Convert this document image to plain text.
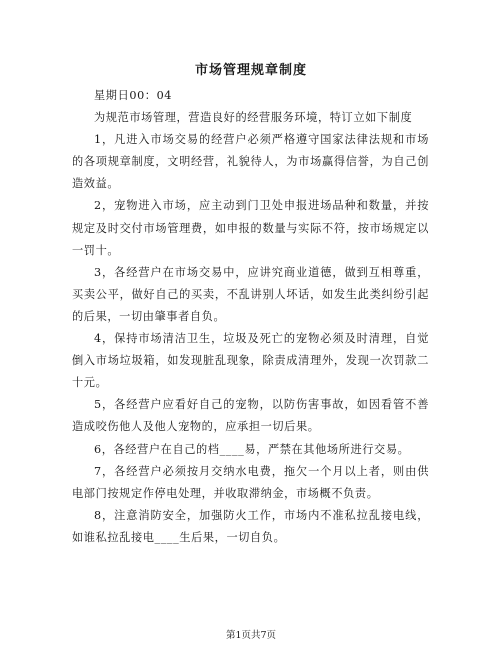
市场管理规章制度

星期日00：04

为规范市场管理，营造良好的经营服务环境，特订立如下制度

1，凡进入市场交易的经营户必须严格遵守国家法律法规和市场的各项规章制度，文明经营，礼貌待人，为市场赢得信誉，为自己创造效益。

2，宠物进入市场，应主动到门卫处申报进场品种和数量，并按规定及时交付市场管理费，如申报的数量与实际不符，按市场规定以一罚十。

3，各经营户在市场交易中，应讲究商业道德，做到互相尊重，买卖公平，做好自己的买卖，不乱讲别人坏话，如发生此类纠纷引起的后果，一切由肇事者自负。

4，保持市场清洁卫生，垃圾及死亡的宠物必须及时清理，自觉倒入市场垃圾箱，如发现脏乱现象，除责成清理外，发现一次罚款二十元。

5，各经营户应看好自己的宠物，以防伤害事故，如因看管不善造成咬伤他人及他人宠物的，应承担一切后果。

6，各经营户在自己的档____易，严禁在其他场所进行交易。

7，各经营户必须按月交纳水电费，拖欠一个月以上者，则由供电部门按规定作停电处理，并收取滞纳金，市场概不负责。

8，注意消防安全，加强防火工作，市场内不准私拉乱接电线，如谁私拉乱接电____生后果，一切自负。

第1页共7页
